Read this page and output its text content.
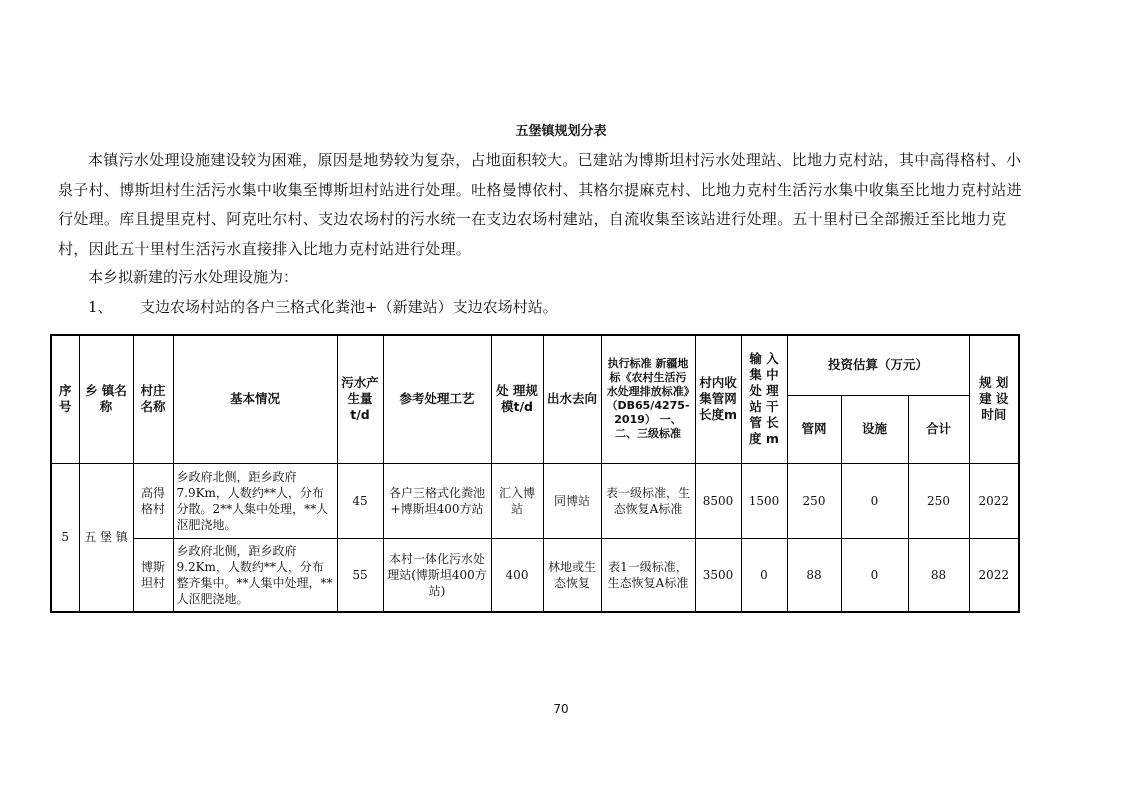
五堡镇规划分表

本镇污水处理设施建设较为困难，原因是地势较为复杂，占地面积较大。已建站为博斯坦村污水处理站、比地力克村站，其中高得格村、小泉子村、博斯坦村生活污水集中收集至博斯坦村站进行处理。吐格曼博依村、其格尔提麻克村、比地力克村生活污水集中收集至比地力克村站进行处理。库且提里克村、阿克吐尔村、支边农场村的污水统一在支边农场村建站，自流收集至该站进行处理。五十里村已全部搬迁至比地力克村，因此五十里村生活污水直接排入比地力克村站进行处理。

本乡拟新建的污水处理设施为：
1、 支边农场村站的各户三格式化粪池+（新建站）支边农场村站。
序号	乡 镇名称	村庄名称	基本情况	污水产生量 t/d	参考处理工艺	处 理规 模t/d	出水去向	执行标准 新疆地标《农村生活污水处理排放标准》（DB65/4275-2019） 一、二、三级标准	村内收集管网长度m	输 入 集 中 处 理 站 干 管 长 度 m	投资估算（万元）			规 划 建 设 时间
											管网	设施	合计	
5	五 堡 镇	高得格村	乡政府北侧，距乡政府7.9Km，人数约**人，分布分散。2**人集中处理，**人沤肥浇地。	45	各户三格式化粪池+博斯坦400方站	汇入博站	同博站	表一级标准，生态恢复A标准	8500	1500	250	0	250	2022
		博斯坦村	乡政府北侧，距乡政府9.2Km，人数约**人，分布整齐集中。**人集中处理，**人沤肥浇地。	55	本村一体化污水处理站(博斯坦400方站)	400	林地或生态恢复	表1一级标准，生态恢复A标准	3500	0	88	0	88	2022
70
